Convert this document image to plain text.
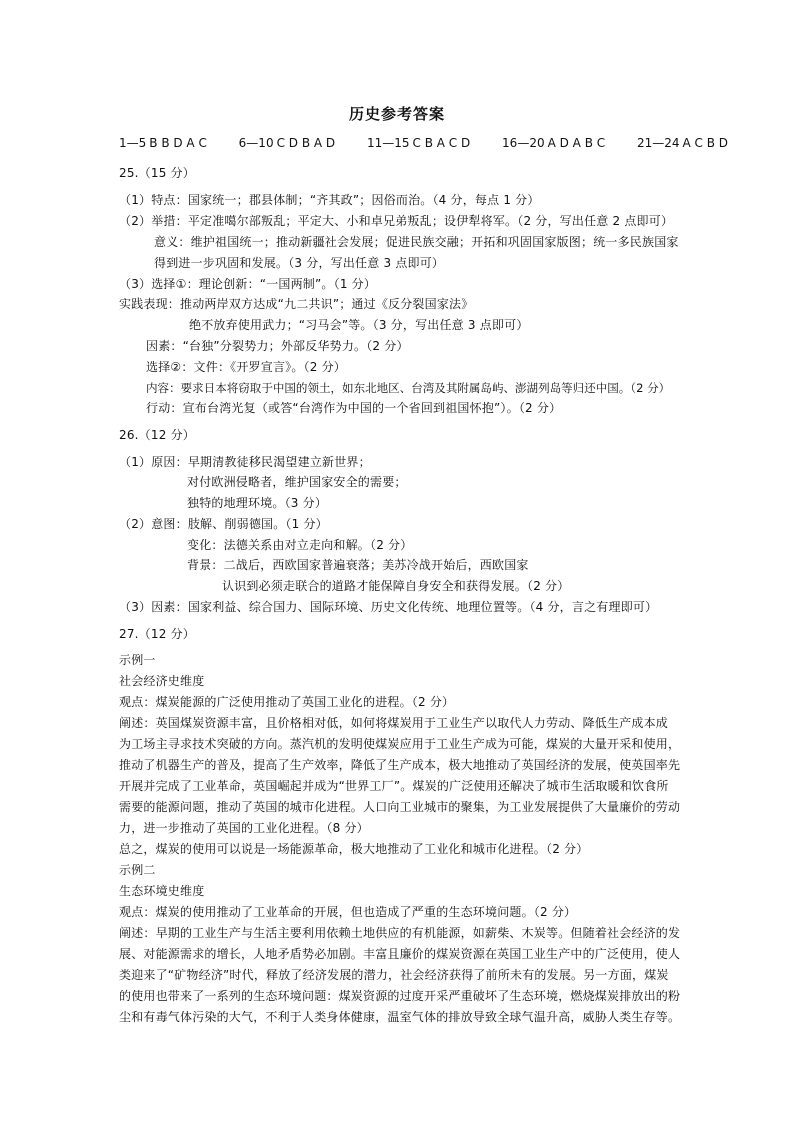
历史参考答案
1—5 B B D A C	6—10 C D B A D	11—15 C B A C D	16—20 A D A B C	21—24 A C B D
25.（15 分）
（1）特点：国家统一；郡县体制；“齐其政”；因俗而治。（4 分，每点 1 分）
（2）举措：平定准噶尔部叛乱；平定大、小和卓兄弟叛乱；设伊犁将军。（2 分，写出任意 2 点即可）
意义：维护祖国统一；推动新疆社会发展；促进民族交融；开拓和巩固国家版图；统一多民族国家
得到进一步巩固和发展。（3 分，写出任意 3 点即可）
（3）选择①：理论创新：“一国两制”。（1 分）
实践表现：推动两岸双方达成“九二共识”；通过《反分裂国家法》
绝不放弃使用武力；“习马会”等。（3 分，写出任意 3 点即可）
因素：“台独”分裂势力；外部反华势力。（2 分）
选择②：文件：《开罗宣言》。（2 分）
内容：要求日本将窃取于中国的领土，如东北地区、台湾及其附属岛屿、澎湖列岛等归还中国。（2 分）
行动：宣布台湾光复（或答“台湾作为中国的一个省回到祖国怀抱”）。（2 分）
26.（12 分）
（1）原因：早期清教徒移民渴望建立新世界；
对付欧洲侵略者，维护国家安全的需要；
独特的地理环境。（3 分）
（2）意图：肢解、削弱德国。（1 分）
变化：法德关系由对立走向和解。（2 分）
背景：二战后，西欧国家普遍衰落；美苏冷战开始后，西欧国家
认识到必须走联合的道路才能保障自身安全和获得发展。（2 分）
（3）因素：国家利益、综合国力、国际环境、历史文化传统、地理位置等。（4 分，言之有理即可）
27.（12 分）
示例一
社会经济史维度
观点：煤炭能源的广泛使用推动了英国工业化的进程。（2 分）
阐述：英国煤炭资源丰富，且价格相对低，如何将煤炭用于工业生产以取代人力劳动、降低生产成本成
为工场主寻求技术突破的方向。蒸汽机的发明使煤炭应用于工业生产成为可能，煤炭的大量开采和使用，
推动了机器生产的普及，提高了生产效率，降低了生产成本，极大地推动了英国经济的发展，使英国率先
开展并完成了工业革命，英国崛起并成为“世界工厂”。煤炭的广泛使用还解决了城市生活取暖和饮食所
需要的能源问题，推动了英国的城市化进程。人口向工业城市的聚集，为工业发展提供了大量廉价的劳动
力，进一步推动了英国的工业化进程。（8 分）
总之，煤炭的使用可以说是一场能源革命，极大地推动了工业化和城市化进程。（2 分）
示例二
生态环境史维度
观点：煤炭的使用推动了工业革命的开展，但也造成了严重的生态环境问题。（2 分）
阐述：早期的工业生产与生活主要利用依赖土地供应的有机能源，如薪柴、木炭等。但随着社会经济的发
展、对能源需求的增长，人地矛盾势必加剧。丰富且廉价的煤炭资源在英国工业生产中的广泛使用，使人
类迎来了“矿物经济”时代，释放了经济发展的潜力，社会经济获得了前所未有的发展。另一方面，煤炭
的使用也带来了一系列的生态环境问题：煤炭资源的过度开采严重破坏了生态环境，燃烧煤炭排放出的粉
尘和有毒气体污染的大气，不利于人类身体健康，温室气体的排放导致全球气温升高，威胁人类生存等。
